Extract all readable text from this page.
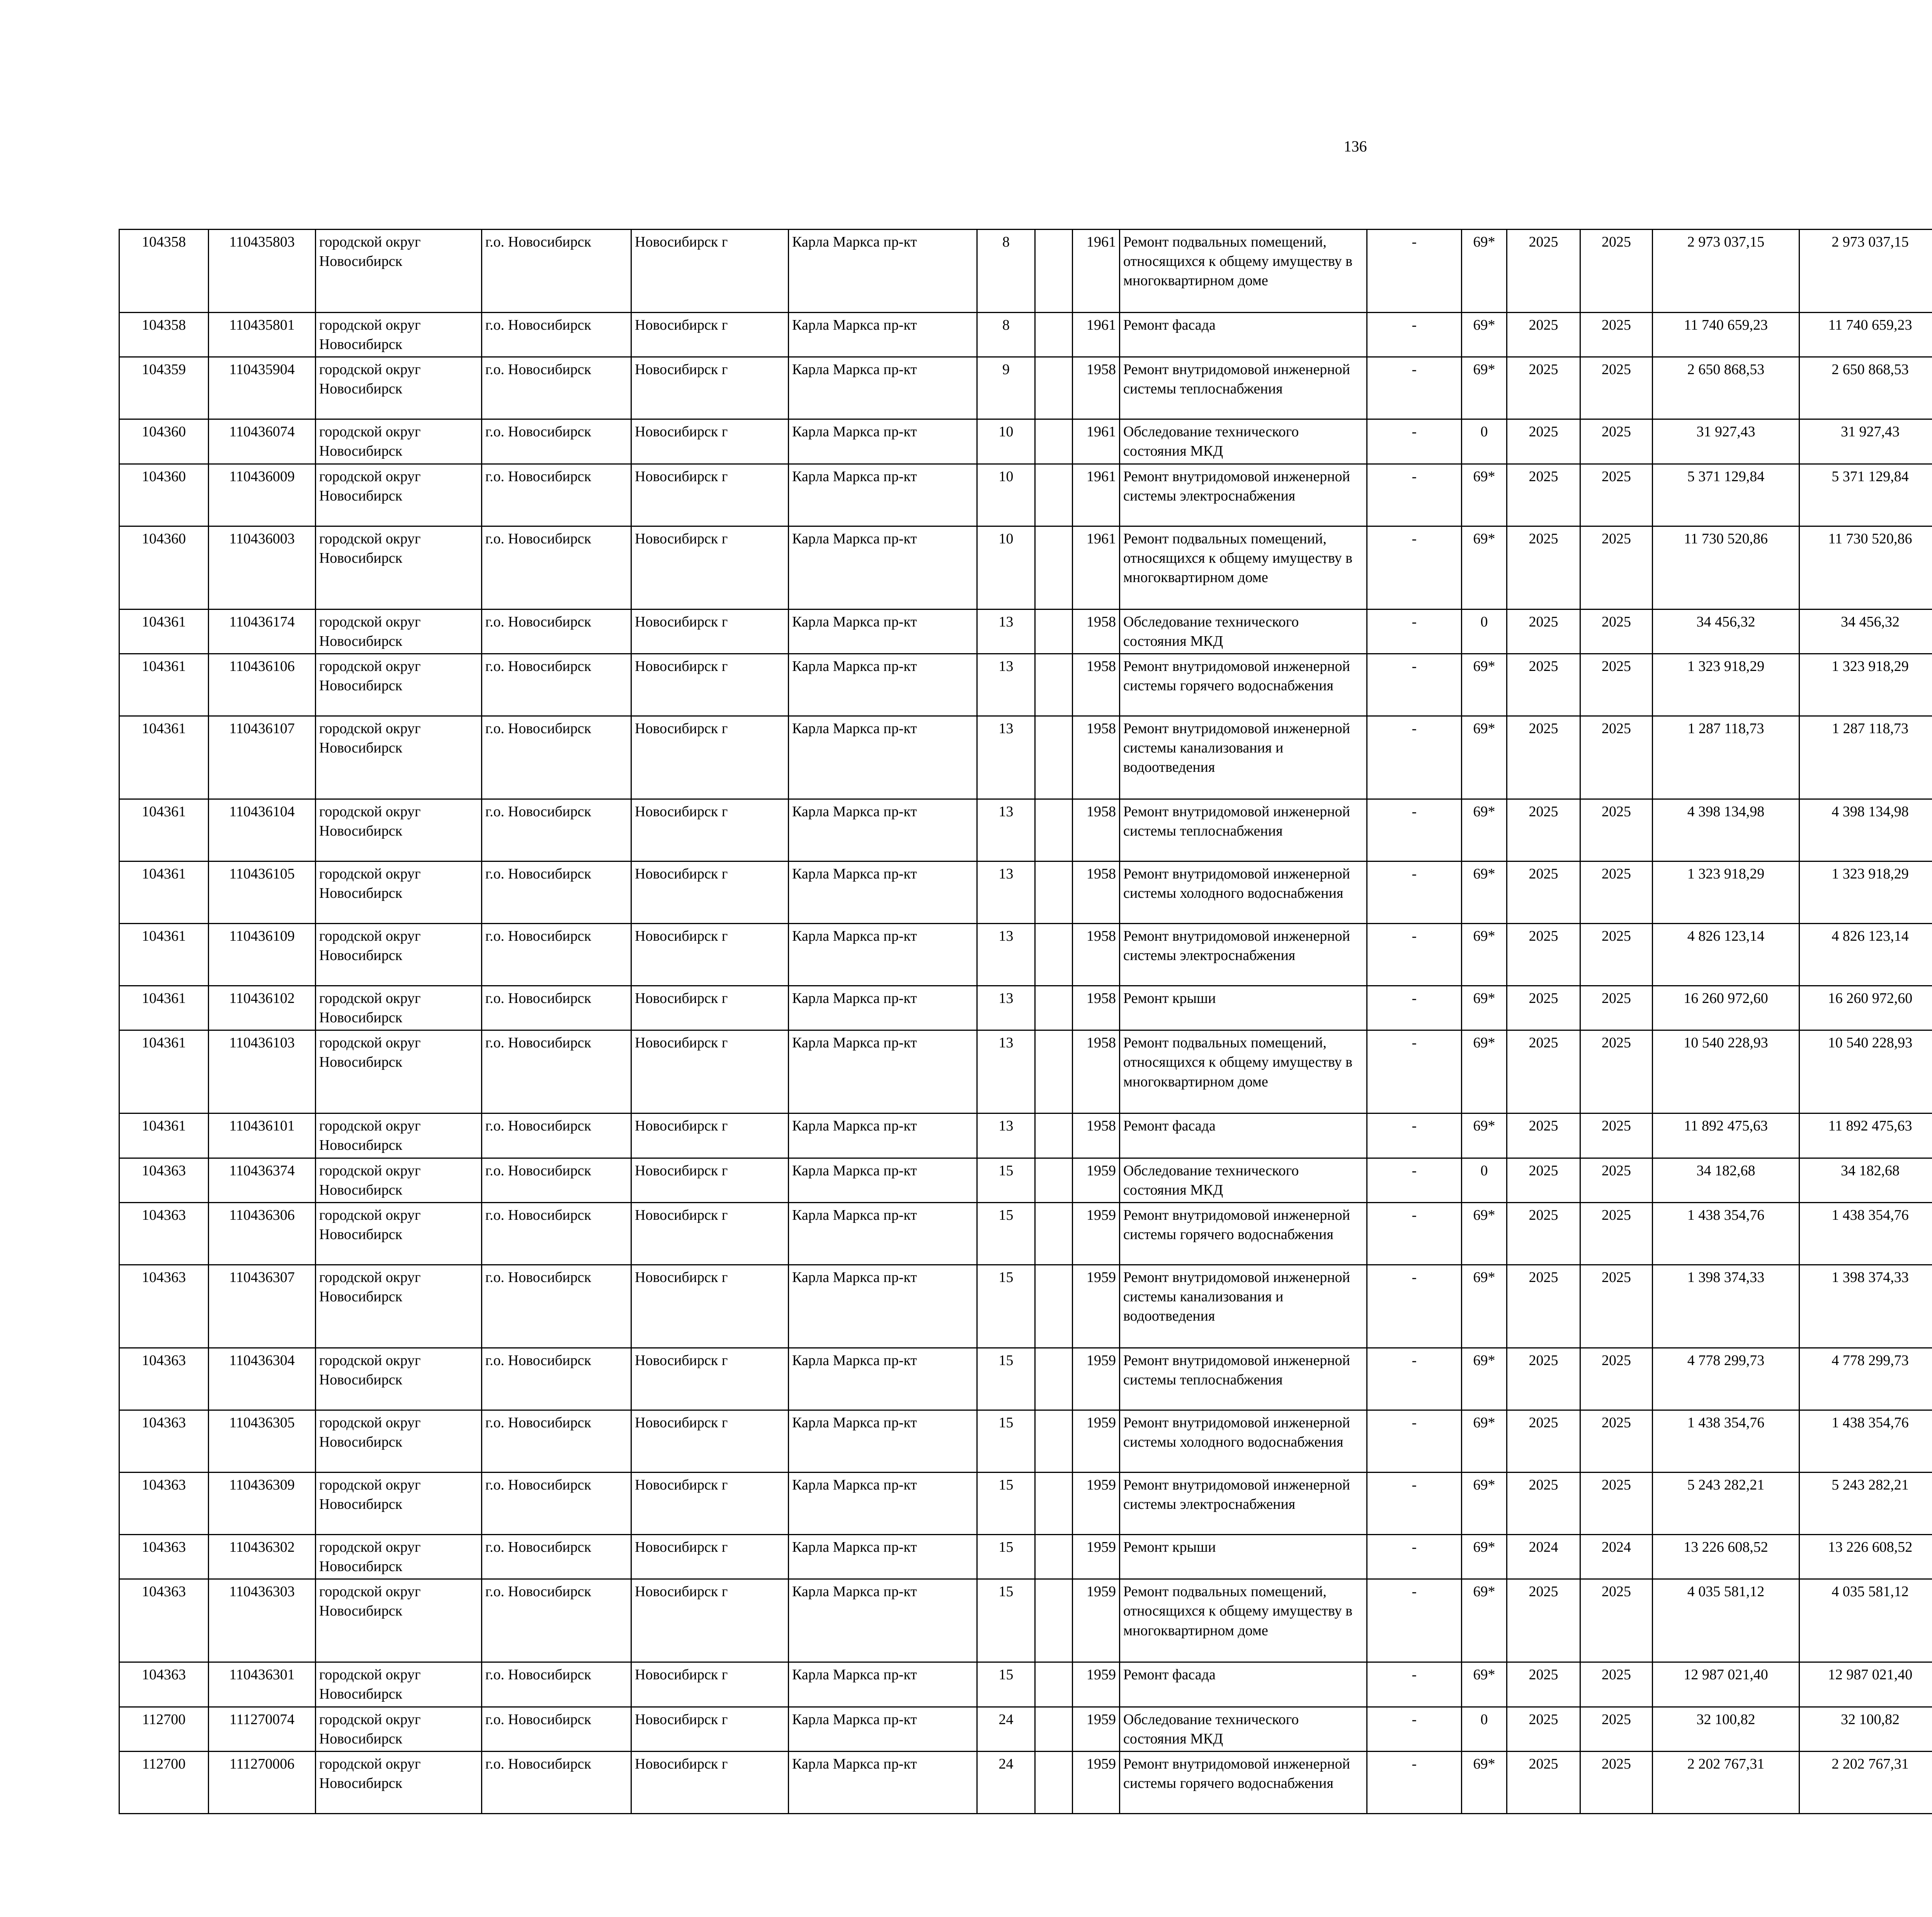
136
104358	110435803	городской округ Новосибирск	г.о. Новосибирск	Новосибирск г	Карла Маркса пр-кт	8		1961	Ремонт подвальных помещений, относящихся к общему имуществу в многоквартирном доме	-	69*	2025	2025	2 973 037,15	2 973 037,15						
104358	110435801	городской округ Новосибирск	г.о. Новосибирск	Новосибирск г	Карла Маркса пр-кт	8		1961	Ремонт фасада	-	69*	2025	2025	11 740 659,23	11 740 659,23						
104359	110435904	городской округ Новосибирск	г.о. Новосибирск	Новосибирск г	Карла Маркса пр-кт	9		1958	Ремонт внутридомовой инженерной системы теплоснабжения	-	69*	2025	2025	2 650 868,53	2 650 868,53						
104360	110436074	городской округ Новосибирск	г.о. Новосибирск	Новосибирск г	Карла Маркса пр-кт	10		1961	Обследование технического состояния МКД	-	0	2025	2025	31 927,43	31 927,43						
104360	110436009	городской округ Новосибирск	г.о. Новосибирск	Новосибирск г	Карла Маркса пр-кт	10		1961	Ремонт внутридомовой инженерной системы электроснабжения	-	69*	2025	2025	5 371 129,84	5 371 129,84						
104360	110436003	городской округ Новосибирск	г.о. Новосибирск	Новосибирск г	Карла Маркса пр-кт	10		1961	Ремонт подвальных помещений, относящихся к общему имуществу в многоквартирном доме	-	69*	2025	2025	11 730 520,86	11 730 520,86						
104361	110436174	городской округ Новосибирск	г.о. Новосибирск	Новосибирск г	Карла Маркса пр-кт	13		1958	Обследование технического состояния МКД	-	0	2025	2025	34 456,32	34 456,32						
104361	110436106	городской округ Новосибирск	г.о. Новосибирск	Новосибирск г	Карла Маркса пр-кт	13		1958	Ремонт внутридомовой инженерной системы горячего водоснабжения	-	69*	2025	2025	1 323 918,29	1 323 918,29						
104361	110436107	городской округ Новосибирск	г.о. Новосибирск	Новосибирск г	Карла Маркса пр-кт	13		1958	Ремонт внутридомовой инженерной системы канализования и водоотведения	-	69*	2025	2025	1 287 118,73	1 287 118,73						
104361	110436104	городской округ Новосибирск	г.о. Новосибирск	Новосибирск г	Карла Маркса пр-кт	13		1958	Ремонт внутридомовой инженерной системы теплоснабжения	-	69*	2025	2025	4 398 134,98	4 398 134,98						
104361	110436105	городской округ Новосибирск	г.о. Новосибирск	Новосибирск г	Карла Маркса пр-кт	13		1958	Ремонт внутридомовой инженерной системы холодного водоснабжения	-	69*	2025	2025	1 323 918,29	1 323 918,29						
104361	110436109	городской округ Новосибирск	г.о. Новосибирск	Новосибирск г	Карла Маркса пр-кт	13		1958	Ремонт внутридомовой инженерной системы электроснабжения	-	69*	2025	2025	4 826 123,14	4 826 123,14						
104361	110436102	городской округ Новосибирск	г.о. Новосибирск	Новосибирск г	Карла Маркса пр-кт	13		1958	Ремонт крыши	-	69*	2025	2025	16 260 972,60	16 260 972,60						
104361	110436103	городской округ Новосибирск	г.о. Новосибирск	Новосибирск г	Карла Маркса пр-кт	13		1958	Ремонт подвальных помещений, относящихся к общему имуществу в многоквартирном доме	-	69*	2025	2025	10 540 228,93	10 540 228,93						
104361	110436101	городской округ Новосибирск	г.о. Новосибирск	Новосибирск г	Карла Маркса пр-кт	13		1958	Ремонт фасада	-	69*	2025	2025	11 892 475,63	11 892 475,63						
104363	110436374	городской округ Новосибирск	г.о. Новосибирск	Новосибирск г	Карла Маркса пр-кт	15		1959	Обследование технического состояния МКД	-	0	2025	2025	34 182,68	34 182,68						
104363	110436306	городской округ Новосибирск	г.о. Новосибирск	Новосибирск г	Карла Маркса пр-кт	15		1959	Ремонт внутридомовой инженерной системы горячего водоснабжения	-	69*	2025	2025	1 438 354,76	1 438 354,76						
104363	110436307	городской округ Новосибирск	г.о. Новосибирск	Новосибирск г	Карла Маркса пр-кт	15		1959	Ремонт внутридомовой инженерной системы канализования и водоотведения	-	69*	2025	2025	1 398 374,33	1 398 374,33						
104363	110436304	городской округ Новосибирск	г.о. Новосибирск	Новосибирск г	Карла Маркса пр-кт	15		1959	Ремонт внутридомовой инженерной системы теплоснабжения	-	69*	2025	2025	4 778 299,73	4 778 299,73						
104363	110436305	городской округ Новосибирск	г.о. Новосибирск	Новосибирск г	Карла Маркса пр-кт	15		1959	Ремонт внутридомовой инженерной системы холодного водоснабжения	-	69*	2025	2025	1 438 354,76	1 438 354,76						
104363	110436309	городской округ Новосибирск	г.о. Новосибирск	Новосибирск г	Карла Маркса пр-кт	15		1959	Ремонт внутридомовой инженерной системы электроснабжения	-	69*	2025	2025	5 243 282,21	5 243 282,21						
104363	110436302	городской округ Новосибирск	г.о. Новосибирск	Новосибирск г	Карла Маркса пр-кт	15		1959	Ремонт крыши	-	69*	2024	2024	13 226 608,52	13 226 608,52						
104363	110436303	городской округ Новосибирск	г.о. Новосибирск	Новосибирск г	Карла Маркса пр-кт	15		1959	Ремонт подвальных помещений, относящихся к общему имуществу в многоквартирном доме	-	69*	2025	2025	4 035 581,12	4 035 581,12						
104363	110436301	городской округ Новосибирск	г.о. Новосибирск	Новосибирск г	Карла Маркса пр-кт	15		1959	Ремонт фасада	-	69*	2025	2025	12 987 021,40	12 987 021,40						
112700	111270074	городской округ Новосибирск	г.о. Новосибирск	Новосибирск г	Карла Маркса пр-кт	24		1959	Обследование технического состояния МКД	-	0	2025	2025	32 100,82	32 100,82						
112700	111270006	городской округ Новосибирск	г.о. Новосибирск	Новосибирск г	Карла Маркса пр-кт	24		1959	Ремонт внутридомовой инженерной системы горячего водоснабжения	-	69*	2025	2025	2 202 767,31	2 202 767,31						
